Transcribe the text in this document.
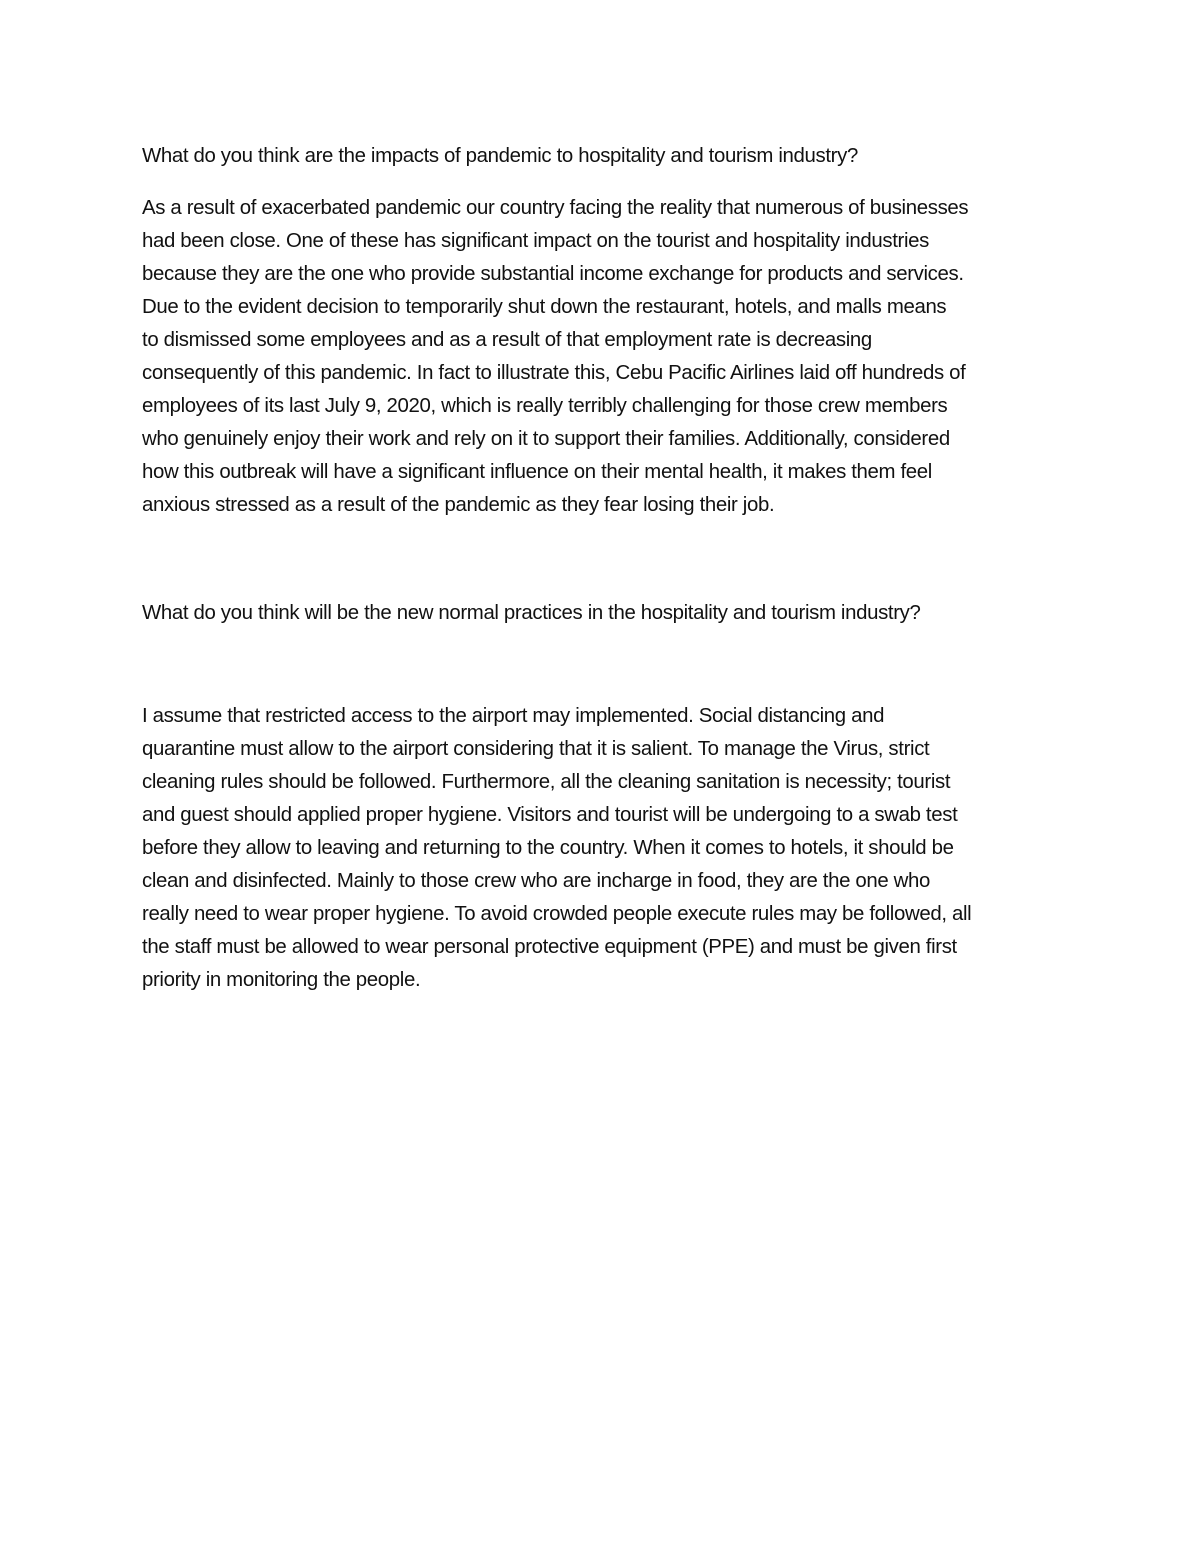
What do you think are the impacts of pandemic to hospitality and tourism industry?

As a result of exacerbated pandemic our country facing the reality that numerous of businesses

had been close. One of these has significant impact on the tourist and hospitality industries

because they are the one who provide substantial income exchange for products and services.

Due to the evident decision to temporarily shut down the restaurant, hotels, and malls means

to dismissed some employees and as a result of that employment rate is decreasing

consequently of this pandemic. In fact to illustrate this, Cebu Pacific Airlines laid off hundreds of

employees of its last July 9, 2020, which is really terribly challenging for those crew members

who genuinely enjoy their work and rely on it to support their families. Additionally, considered

how this outbreak will have a significant influence on their mental health, it makes them feel

anxious stressed as a result of the pandemic as they fear losing their job.

What do you think will be the new normal practices in the hospitality and tourism industry?

I assume that restricted access to the airport may implemented. Social distancing and

quarantine must allow to the airport considering that it is salient. To manage the Virus, strict

cleaning rules should be followed. Furthermore, all the cleaning sanitation is necessity; tourist

and guest should applied proper hygiene. Visitors and tourist will be undergoing to a swab test

before they allow to leaving and returning to the country. When it comes to hotels, it should be

clean and disinfected. Mainly to those crew who are incharge in food, they are the one who

really need to wear proper hygiene. To avoid crowded people execute rules may be followed, all

the staff must be allowed to wear personal protective equipment (PPE) and must be given first

priority in monitoring the people.
